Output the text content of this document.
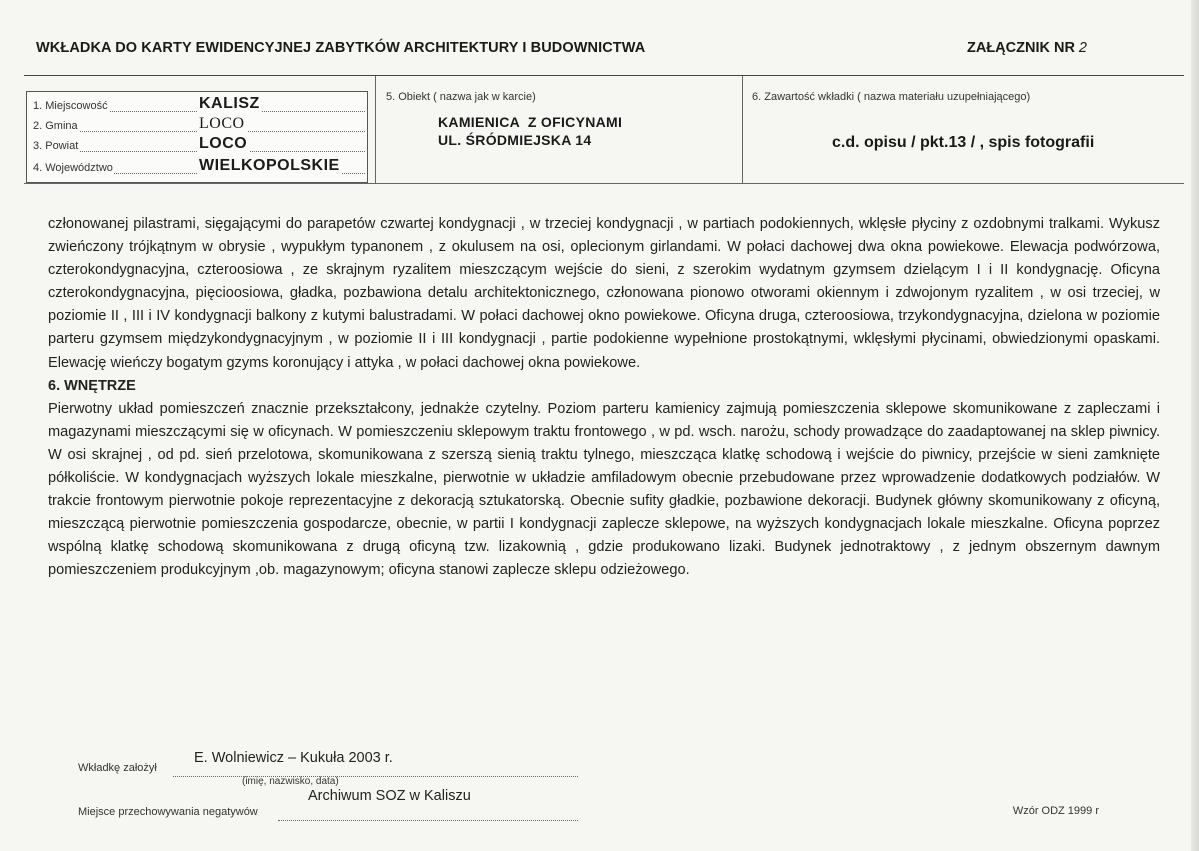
WKŁADKA DO KARTY EWIDENCYJNEJ ZABYTKÓW ARCHITEKTURY I BUDOWNICTWA	ZAŁĄCZNIK NR 2
1. Miejscowość	KALISZ
2. Gmina	LOCO
3. Powiat	LOCO
4. Województwo	WIELKOPOLSKIE
5. Obiekt ( nazwa jak w karcie)
KAMIENICA  Z OFICYNAMI
UL. ŚRÓDMIEJSKA 14
6. Zawartość wkładki ( nazwa materiału uzupełniającego)
c.d. opisu / pkt.13 / , spis fotografii

członowanej pilastrami, sięgającymi do parapetów czwartej kondygnacji , w trzeciej kondygnacji , w partiach podokiennych, wklęsłe płyciny z ozdobnymi tralkami. Wykusz zwieńczony trójkątnym w obrysie , wypukłym typanonem , z okulusem na osi, oplecionym girlandami. W połaci dachowej dwa okna powiekowe. Elewacja podwórzowa, czterokondygnacyjna, czteroosiowa , ze skrajnym ryzalitem mieszczącym wejście do sieni, z szerokim wydatnym gzymsem dzielącym I i II kondygnację. Oficyna czterokondygnacyjna, pięcioosiowa, gładka, pozbawiona detalu architektonicznego, członowana pionowo otworami okiennym i zdwojonym ryzalitem , w osi trzeciej, w poziomie II , III i IV kondygnacji balkony z kutymi balustradami. W połaci dachowej okno powiekowe. Oficyna druga, czteroosiowa, trzykondygnacyjna, dzielona w poziomie parteru gzymsem międzykondygnacyjnym , w poziomie II i III kondygnacji , partie podokienne wypełnione prostokątnymi, wklęsłymi płycinami, obwiedzionymi opaskami. Elewację wieńczy bogatym gzyms koronujący i attyka , w połaci dachowej okna powiekowe.

6. WNĘTRZE

Pierwotny układ pomieszczeń znacznie przekształcony, jednakże czytelny. Poziom parteru kamienicy zajmują pomieszczenia sklepowe skomunikowane z zapleczami i magazynami mieszczącymi się w oficynach. W pomieszczeniu sklepowym traktu frontowego , w pd. wsch. narożu, schody prowadzące do zaadaptowanej na sklep piwnicy. W osi skrajnej , od pd. sień przelotowa, skomunikowana z szerszą sienią traktu tylnego, mieszcząca klatkę schodową i wejście do piwnicy, przejście w sieni zamknięte półkoliście. W kondygnacjach wyższych lokale mieszkalne, pierwotnie w układzie amfiladowym obecnie przebudowane przez wprowadzenie dodatkowych podziałów. W trakcie frontowym pierwotnie pokoje reprezentacyjne z dekoracją sztukatorską. Obecnie sufity gładkie, pozbawione dekoracji. Budynek główny skomunikowany z oficyną, mieszczącą pierwotnie pomieszczenia gospodarcze, obecnie, w partii I kondygnacji zaplecze sklepowe, na wyższych kondygnacjach lokale mieszkalne. Oficyna poprzez wspólną klatkę schodową skomunikowana z drugą oficyną tzw. lizakownią , gdzie produkowano lizaki. Budynek jednotraktowy , z jednym obszernym dawnym pomieszczeniem produkcyjnym ,ob. magazynowym; oficyna stanowi zaplecze sklepu odzieżowego.

Wkładkę założył
E. Wolniewicz – Kukuła 2003 r.
(imię, nazwisko, data)
Miejsce przechowywania negatywów
Archiwum SOZ w Kaliszu
Wzór ODZ 1999 r
